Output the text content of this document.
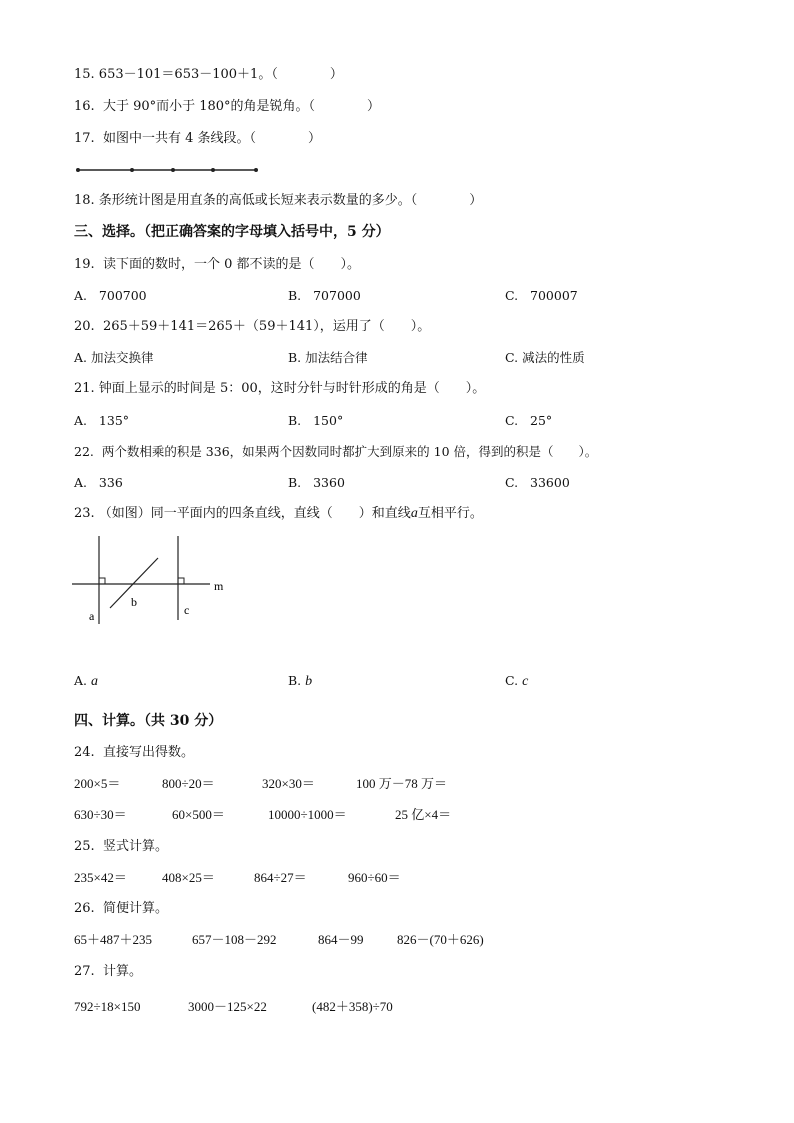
15. 653－101＝653－100＋1。（　　　　）
16.  大于 90°而小于 180°的角是锐角。（　　　　）
17.  如图中一共有 4 条线段。（　　　　）
18. 条形统计图是用直条的高低或长短来表示数量的多少。（　　　　）
三、选择。（把正确答案的字母填入括号中，5 分）
19.  读下面的数时，一个 0 都不读的是（　　）。
A.   700700	B.   707000	C.   700007
20.  265＋59＋141＝265＋（59＋141），运用了（　　）。
A. 加法交换律	B. 加法结合律	C. 减法的性质
21. 钟面上显示的时间是 5：00，这时分针与时针形成的角是（　　）。
A.   135°	B.   150°	C.   25°
22.  两个数相乘的积是 336，如果两个因数同时都扩大到原来的 10 倍，得到的积是（　　）。
A.   336	B.   3360	C.   33600
23. （如图）同一平面内的四条直线，直线（　　）和直线a互相平行。
m
a
b
c
A. a	B. b	C. c
四、计算。（共 30 分）
24.  直接写出得数。
200×5＝	800÷20＝	320×30＝	100 万－78 万＝
630÷30＝	60×500＝	10000÷1000＝	25 亿×4＝
25.  竖式计算。
235×42＝	408×25＝	864÷27＝	960÷60＝
26.  简便计算。
65＋487＋235	657－108－292	864－99	826－(70＋626)
27.  计算。
792÷18×150	3000－125×22	(482＋358)÷70
